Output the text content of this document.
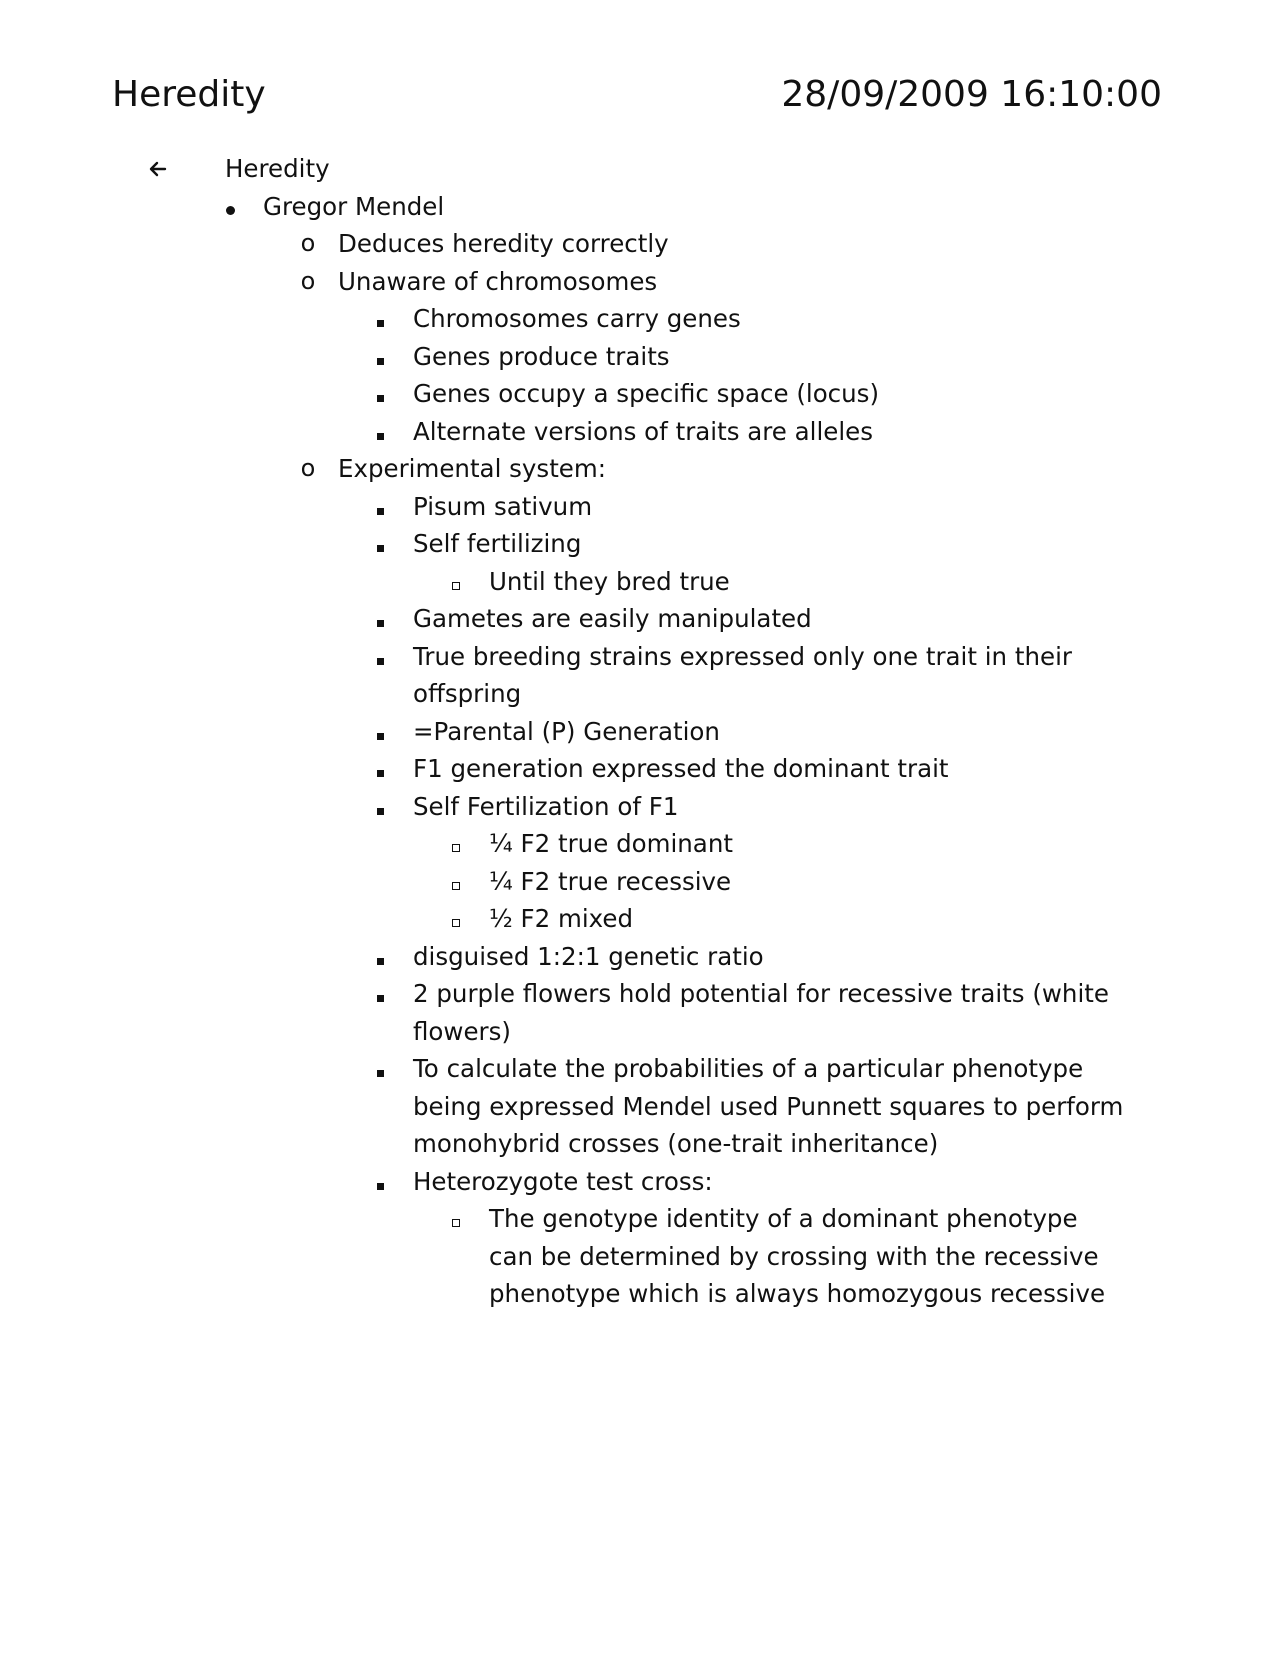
Heredity	28/09/2009 16:10:00
Heredity
Gregor Mendel
o Deduces heredity correctly
o Unaware of chromosomes
Chromosomes carry genes
Genes produce traits
Genes occupy a specific space (locus)
Alternate versions of traits are alleles
o Experimental system:
Pisum sativum
Self fertilizing
Until they bred true
Gametes are easily manipulated
True breeding strains expressed only one trait in their offspring
=Parental (P) Generation
F1 generation expressed the dominant trait
Self Fertilization of F1
¼ F2 true dominant
¼ F2 true recessive
½ F2 mixed
disguised 1:2:1 genetic ratio
2 purple flowers hold potential for recessive traits (white flowers)
To calculate the probabilities of a particular phenotype being expressed Mendel used Punnett squares to perform monohybrid crosses (one-trait inheritance)
Heterozygote test cross:
The genotype identity of a dominant phenotype can be determined by crossing with the recessive phenotype which is always homozygous recessive
